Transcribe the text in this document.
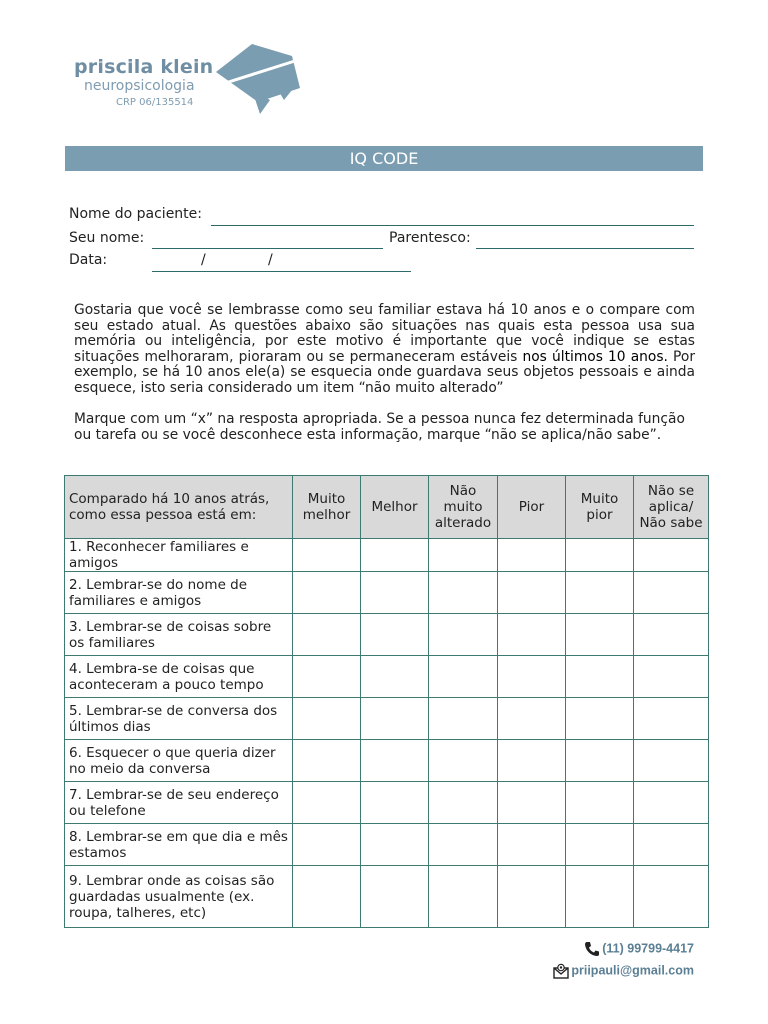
priscila klein
neuropsicologia
CRP 06/135514
IQ CODE
Nome do paciente:
Seu nome:	Parentesco:
Data:	/	/
Gostaria que você se lembrasse como seu familiar estava há 10 anos e o compare com seu estado atual. As questões abaixo são situações nas quais esta pessoa usa sua memória ou inteligência, por este motivo é importante que você indique se estas situações melhoraram, pioraram ou se permaneceram estáveis nos últimos 10 anos. Por exemplo, se há 10 anos ele(a) se esquecia onde guardava seus objetos pessoais e ainda esquece, isto seria considerado um item “não muito alterado”
Marque com um “x” na resposta apropriada. Se a pessoa nunca fez determinada função ou tarefa ou se você desconhece esta informação, marque “não se aplica/não sabe”.
Comparado há 10 anos atrás, como essa pessoa está em:	Muito melhor	Melhor	Não muito alterado	Pior	Muito pior	Não se aplica/ Não sabe
1. Reconhecer familiares e amigos						
2. Lembrar-se do nome de familiares e amigos						
3. Lembrar-se de coisas sobre os familiares						
4. Lembra-se de coisas que aconteceram a pouco tempo						
5. Lembrar-se de conversa dos últimos dias						
6. Esquecer o que queria dizer no meio da conversa						
7. Lembrar-se de seu endereço ou telefone						
8. Lembrar-se em que dia e mês estamos						
9. Lembrar onde as coisas são guardadas usualmente (ex. roupa, talheres, etc)						
(11) 99799-4417
priipauli@gmail.com
